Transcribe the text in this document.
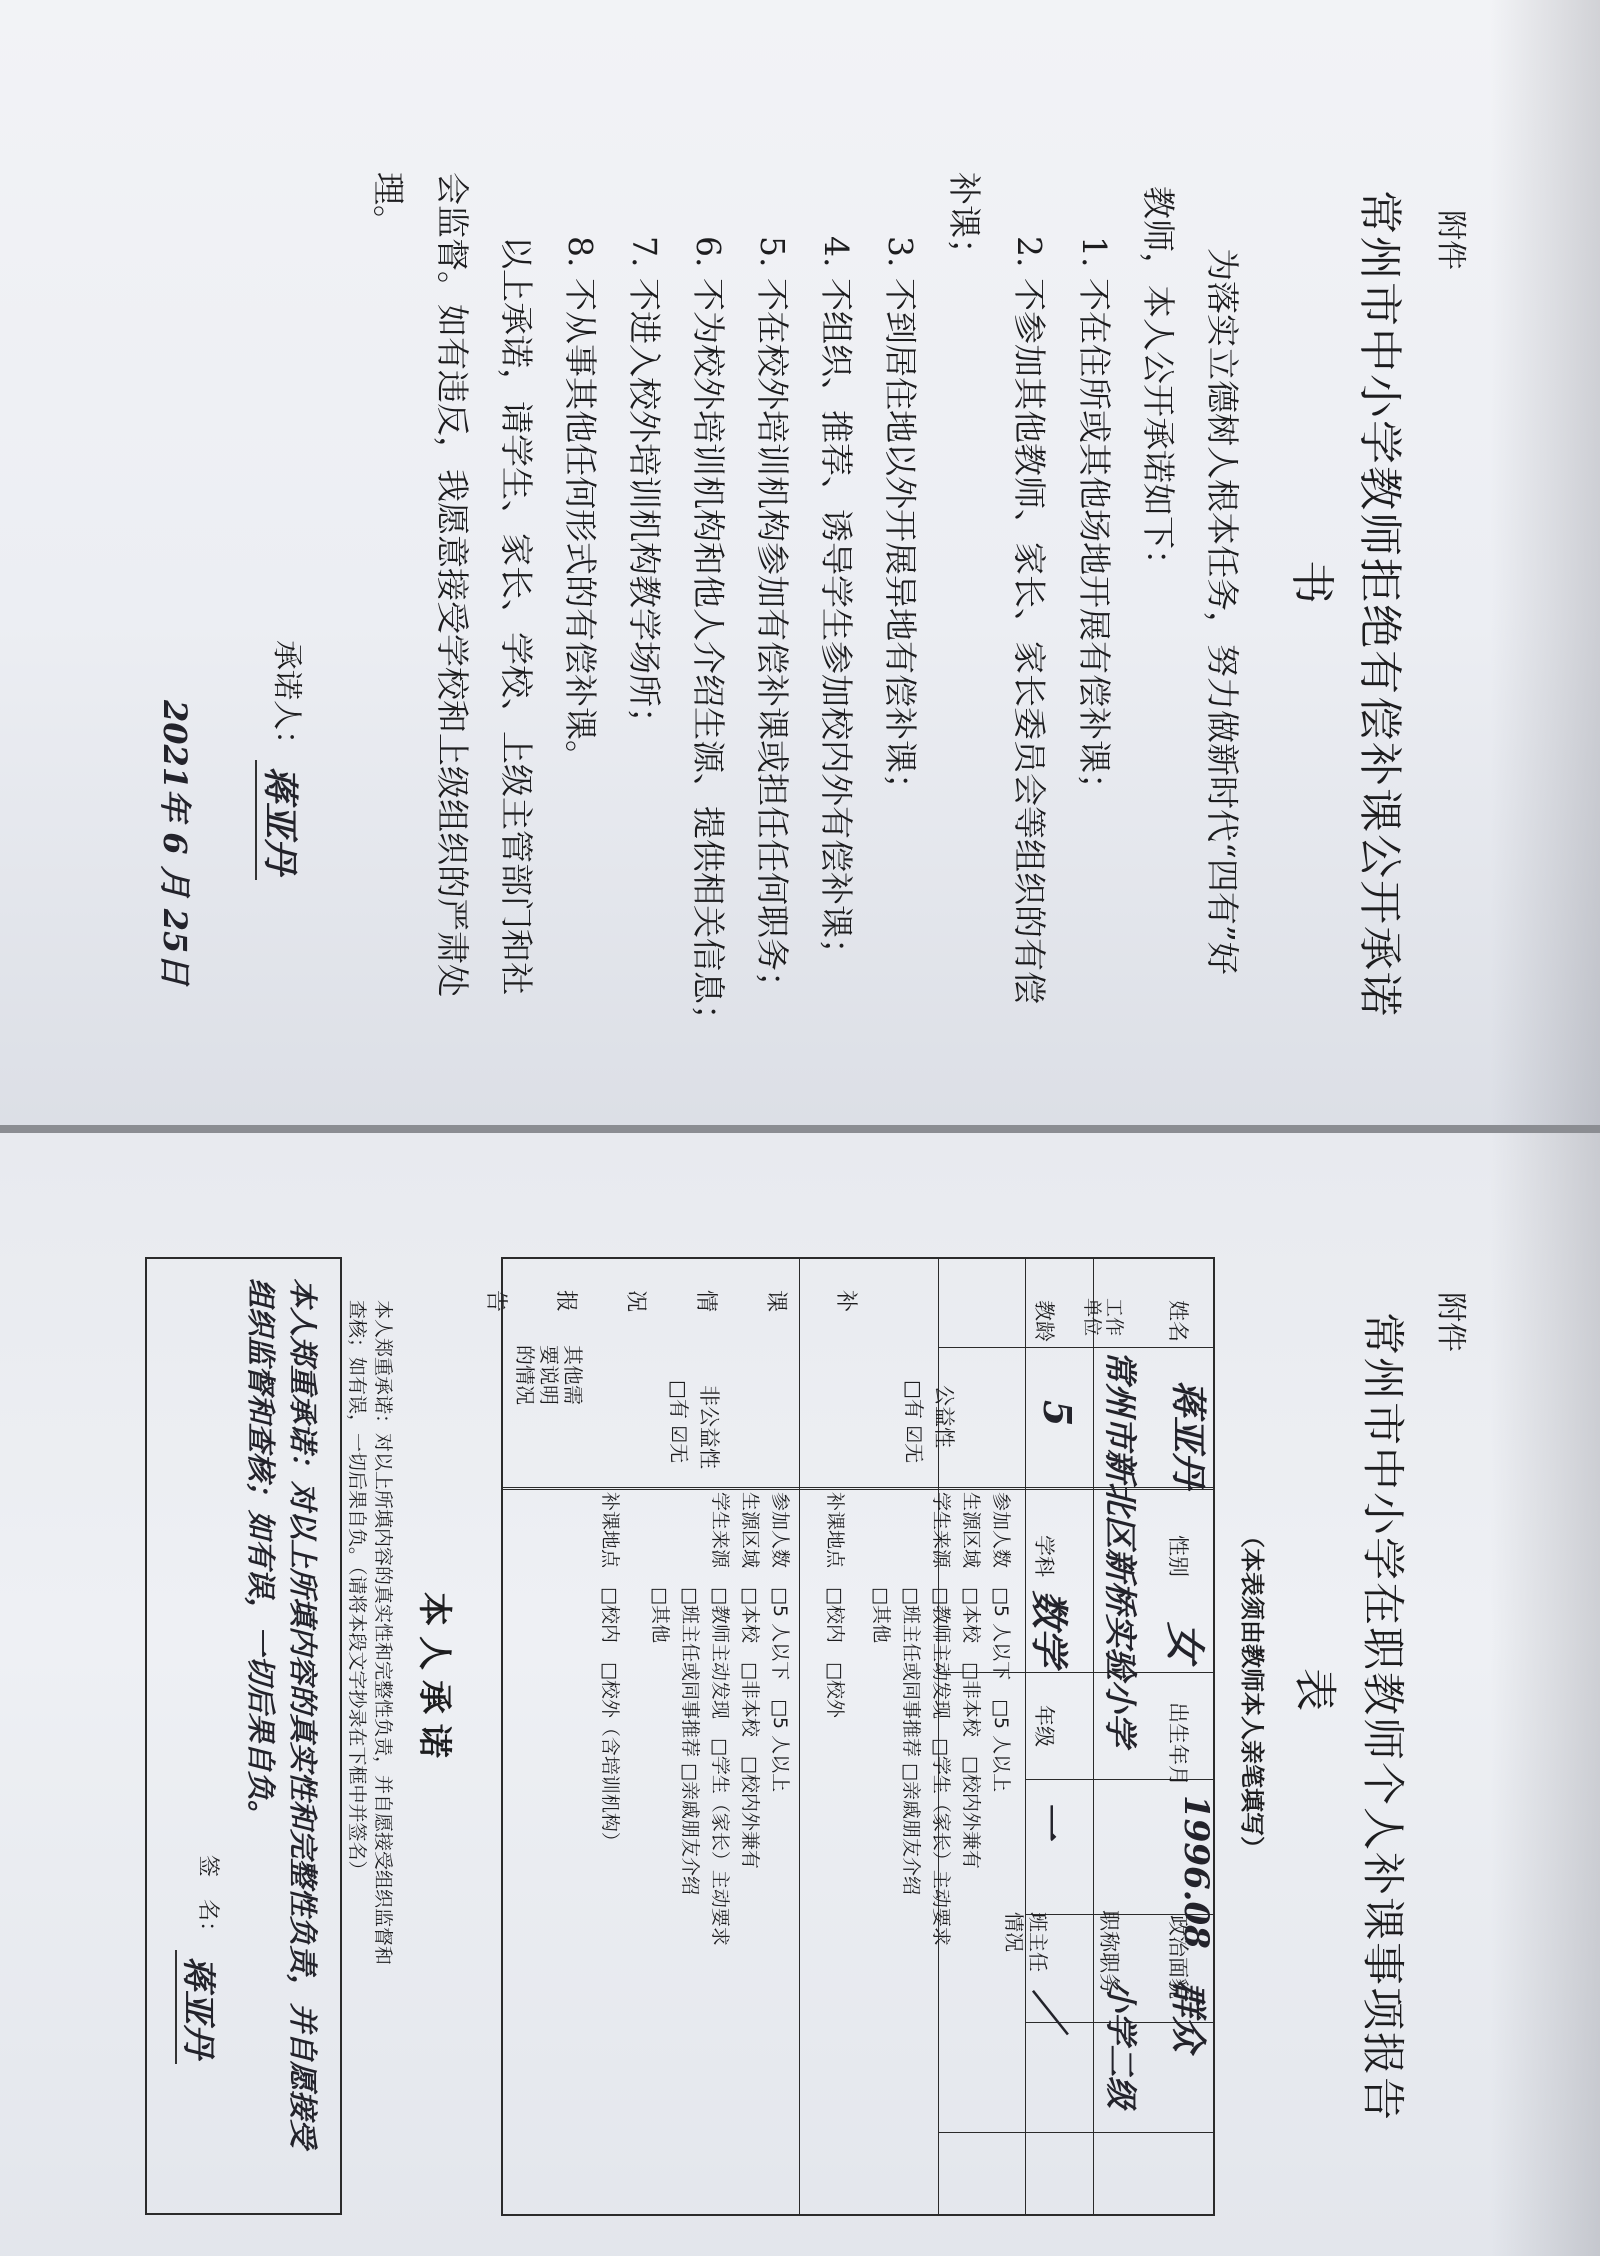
附件
常州市中小学教师拒绝有偿补课公开承诺
书
为落实立德树人根本任务，努力做新时代“四有”好
教师，本人公开承诺如下：
1. 不在住所或其他场地开展有偿补课；
2. 不参加其他教师、家长、家长委员会等组织的有偿
补课；
3. 不到居住地以外开展异地有偿补课；
4. 不组织、推荐、诱导学生参加校内外有偿补课；
5. 不在校外培训机构参加有偿补课或担任任何职务；
6. 不为校外培训机构和他人介绍生源、提供相关信息；
7. 不进入校外培训机构教学场所；
8. 不从事其他任何形式的有偿补课。
以上承诺，请学生、家长、学校、上级主管部门和社
会监督。如有违反，我愿意接受学校和上级组织的严肃处
理。
承诺人：
蒋亚丹
2021年 6 月 25日
附件
常州市中小学在职教师个人补课事项报告
表
（本表须由教师本人亲笔填写）
姓名
性别
出生年月
政治面貌
工作单位
职称职务
教龄
学科
年级
班主任情况
蒋亚丹
女
1996.08
群众
常州市新北区新桥实验小学
小学二级
5
数学
一
／
补课情况报告
公益性
□有 ☑无
非公益性
□有 ☑无
参加人数　□5 人以下　□5 人以上
生源区域　□本校　□非本校　□校内外兼有
学生来源　□教师主动发现　□学生（家长）主动要求
　　　　　□班主任或同事推荐 □亲戚朋友介绍
　　　　　□其他
补课地点　□校内　□校外
参加人数　□5 人以下　□5 人以上
生源区域　□本校　□非本校　□校内外兼有
学生来源　□教师主动发现　□学生（家长）主动要求
　　　　　□班主任或同事推荐 □亲戚朋友介绍
　　　　　□其他
补课地点　□校内　□校外（含培训机构）
其他需要说明的情况
本人承诺
本人郑重承诺：对以上所填内容的真实性和完整性负责，并自愿接受组织监督和
查核；如有误，一切后果自负。（请将本段文字抄录在下框中并签名）
本人郑重承诺：对以上所填内容的真实性和完整性负责，并自愿接受
组织监督和查核；如有误，一切后果自负。
签　名：
蒋亚丹
